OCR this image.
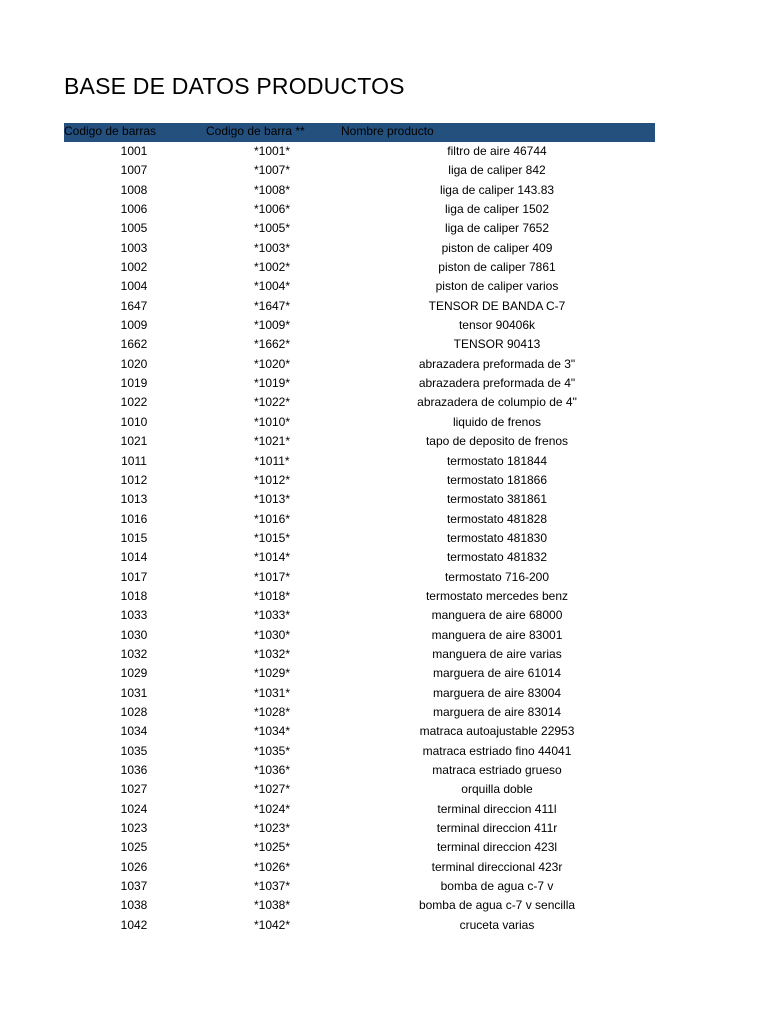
BASE DE DATOS PRODUCTOS
Codigo de barras	Codigo de barra **	Nombre producto
1001	*1001*	filtro de aire 46744
1007	*1007*	liga de caliper 842
1008	*1008*	liga de caliper 143.83
1006	*1006*	liga de caliper 1502
1005	*1005*	liga de caliper 7652
1003	*1003*	piston de caliper 409
1002	*1002*	piston de caliper 7861
1004	*1004*	piston de caliper varios
1647	*1647*	TENSOR DE BANDA C-7
1009	*1009*	tensor 90406k
1662	*1662*	TENSOR 90413
1020	*1020*	abrazadera preformada de 3"
1019	*1019*	abrazadera preformada de 4"
1022	*1022*	abrazadera de columpio de 4"
1010	*1010*	liquido de frenos
1021	*1021*	tapo de deposito de frenos
1011	*1011*	termostato 181844
1012	*1012*	termostato 181866
1013	*1013*	termostato 381861
1016	*1016*	termostato 481828
1015	*1015*	termostato 481830
1014	*1014*	termostato 481832
1017	*1017*	termostato 716-200
1018	*1018*	termostato mercedes benz
1033	*1033*	manguera de aire 68000
1030	*1030*	manguera de aire 83001
1032	*1032*	manguera de aire varias
1029	*1029*	marguera de aire 61014
1031	*1031*	marguera de aire 83004
1028	*1028*	marguera de aire 83014
1034	*1034*	matraca autoajustable 22953
1035	*1035*	matraca estriado fino 44041
1036	*1036*	matraca estriado grueso
1027	*1027*	orquilla doble
1024	*1024*	terminal direccion 411l
1023	*1023*	terminal direccion 411r
1025	*1025*	terminal direccion 423l
1026	*1026*	terminal direccional 423r
1037	*1037*	bomba de agua c-7 v
1038	*1038*	bomba de agua c-7 v sencilla
1042	*1042*	cruceta varias
